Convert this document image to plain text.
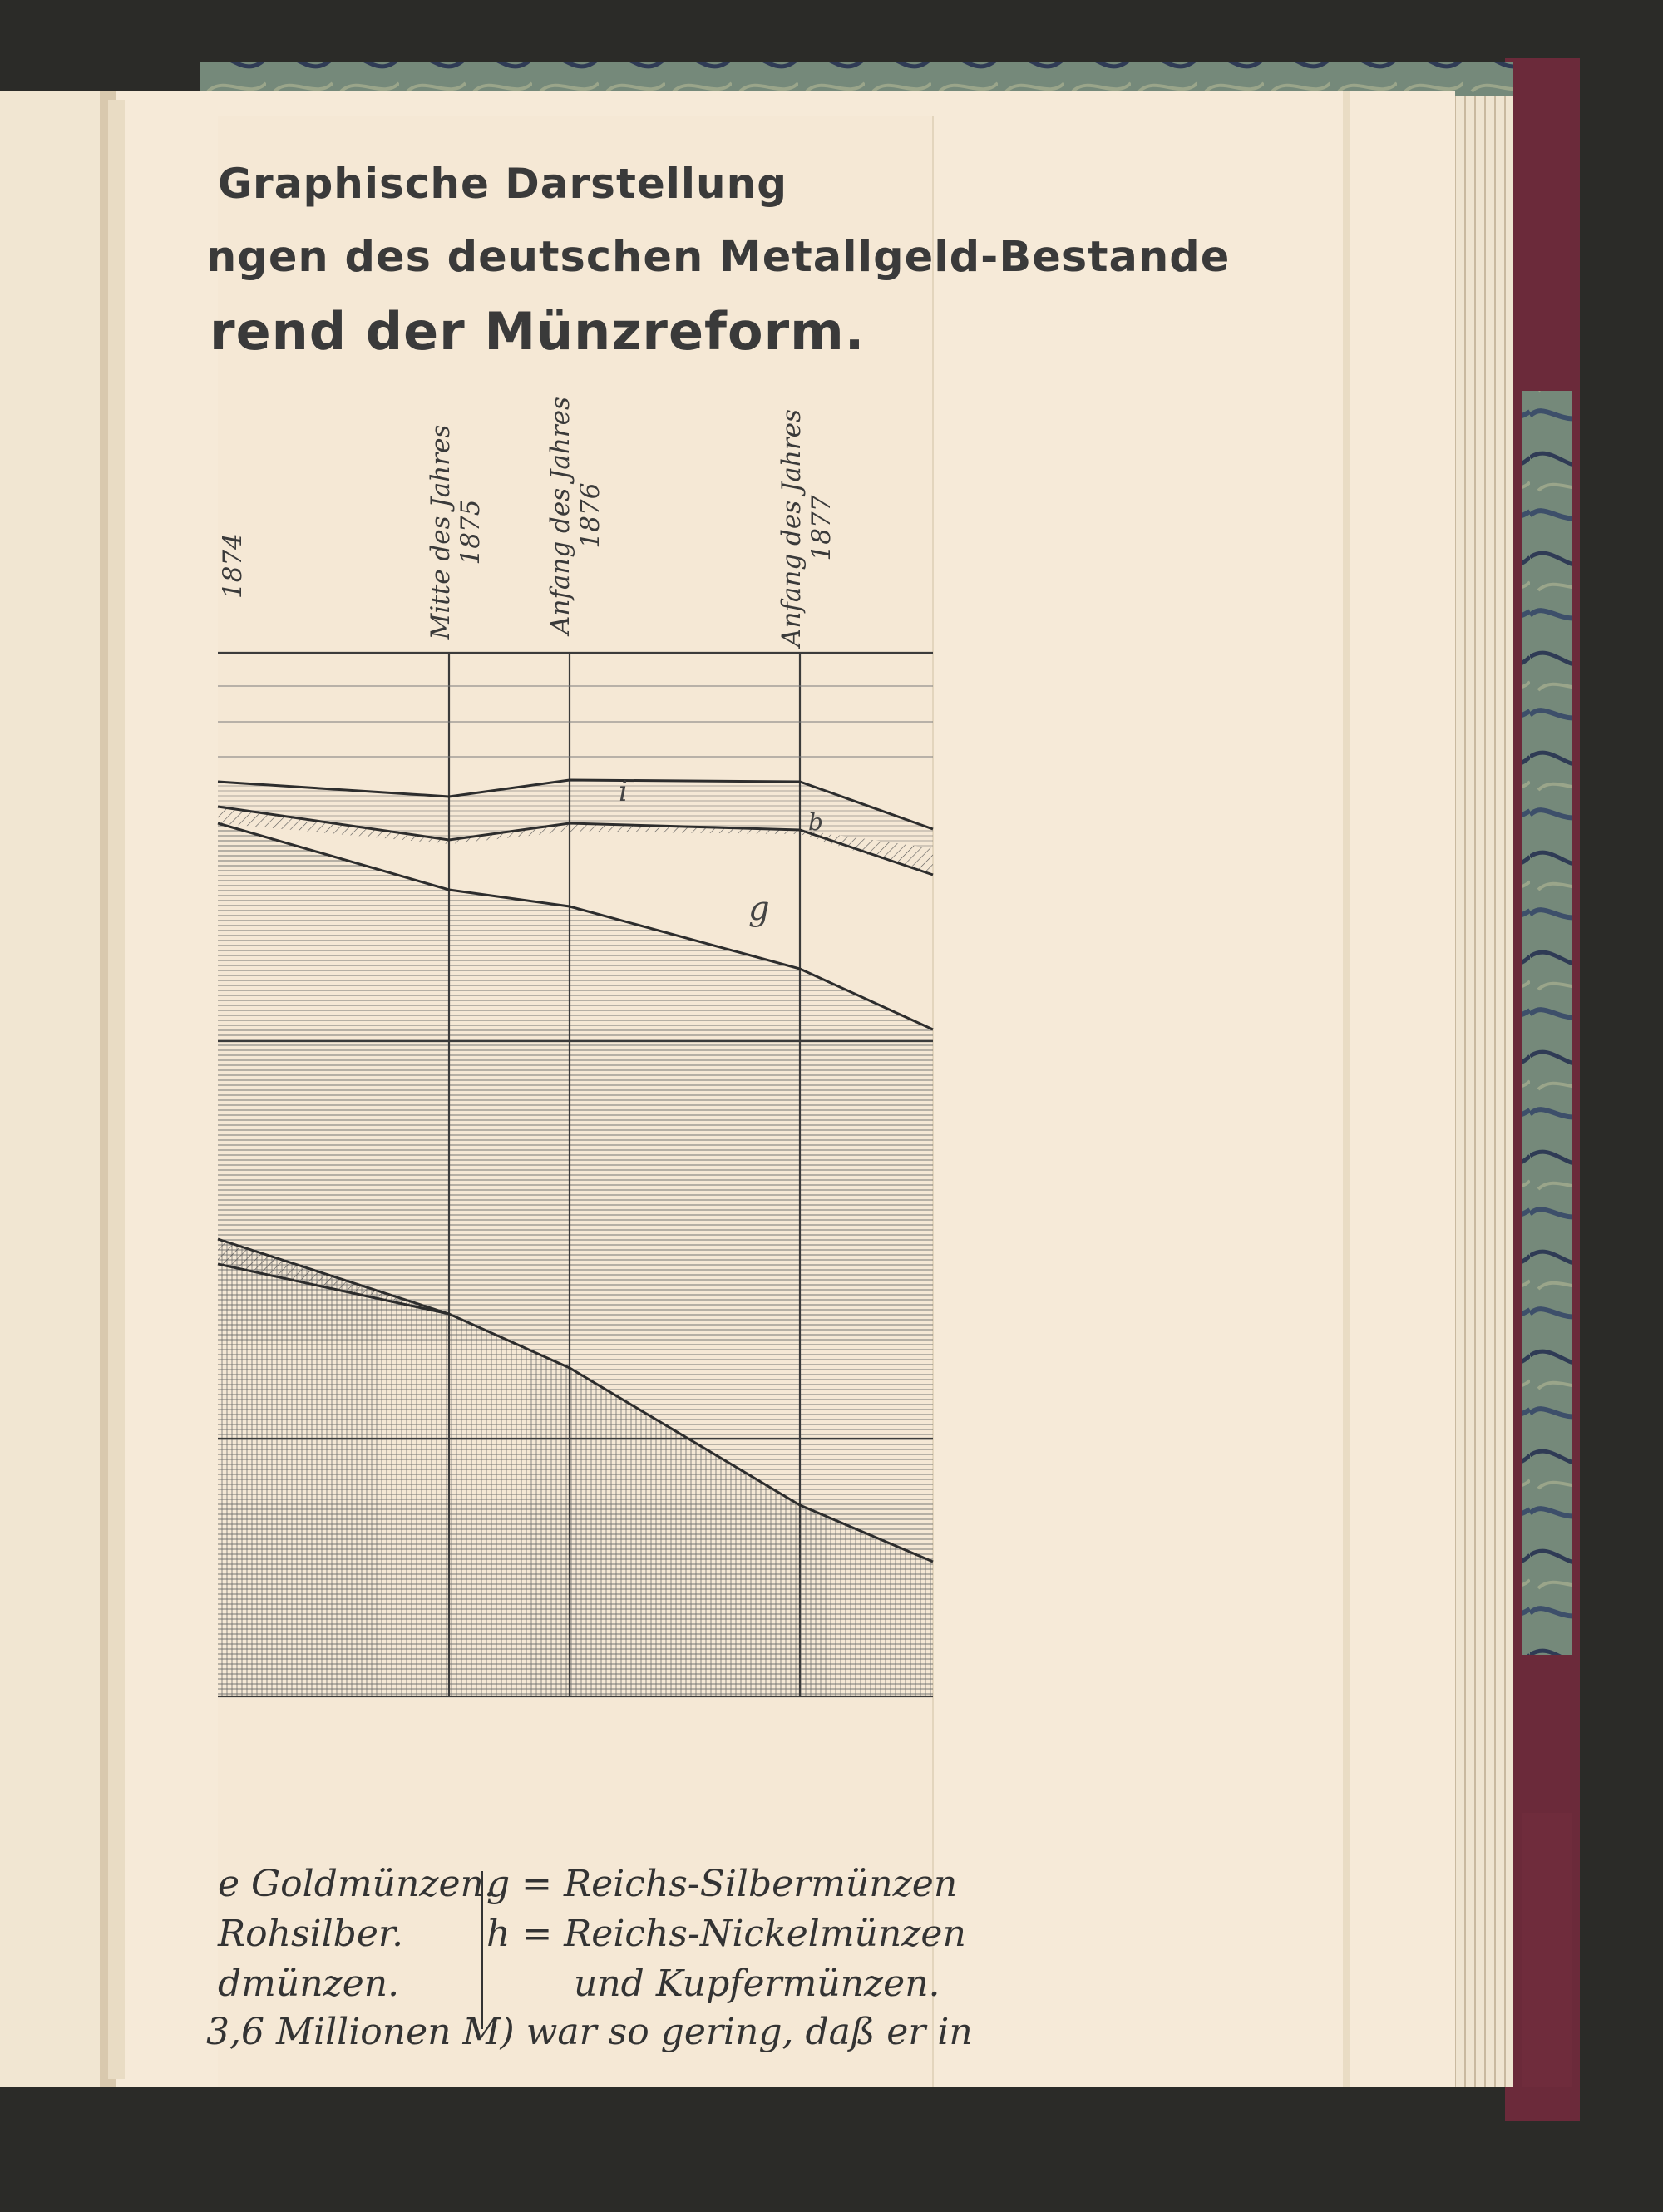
Graphische Darstellung
ngen des deutschen Metallgeld-Bestande
rend der Münzreform.
1874	Mitte des Jahres 1875 Anfang des Jahres 1876	Anfang des Jahres 1877
i
b
g
e Goldmünzen.
g = Reichs-Silbermünzen
Rohsilber. h = Reichs-Nickelmünzen
dmünzen.	und Kupfermünzen.
3,6 Millionen M) war so gering, daß er in
